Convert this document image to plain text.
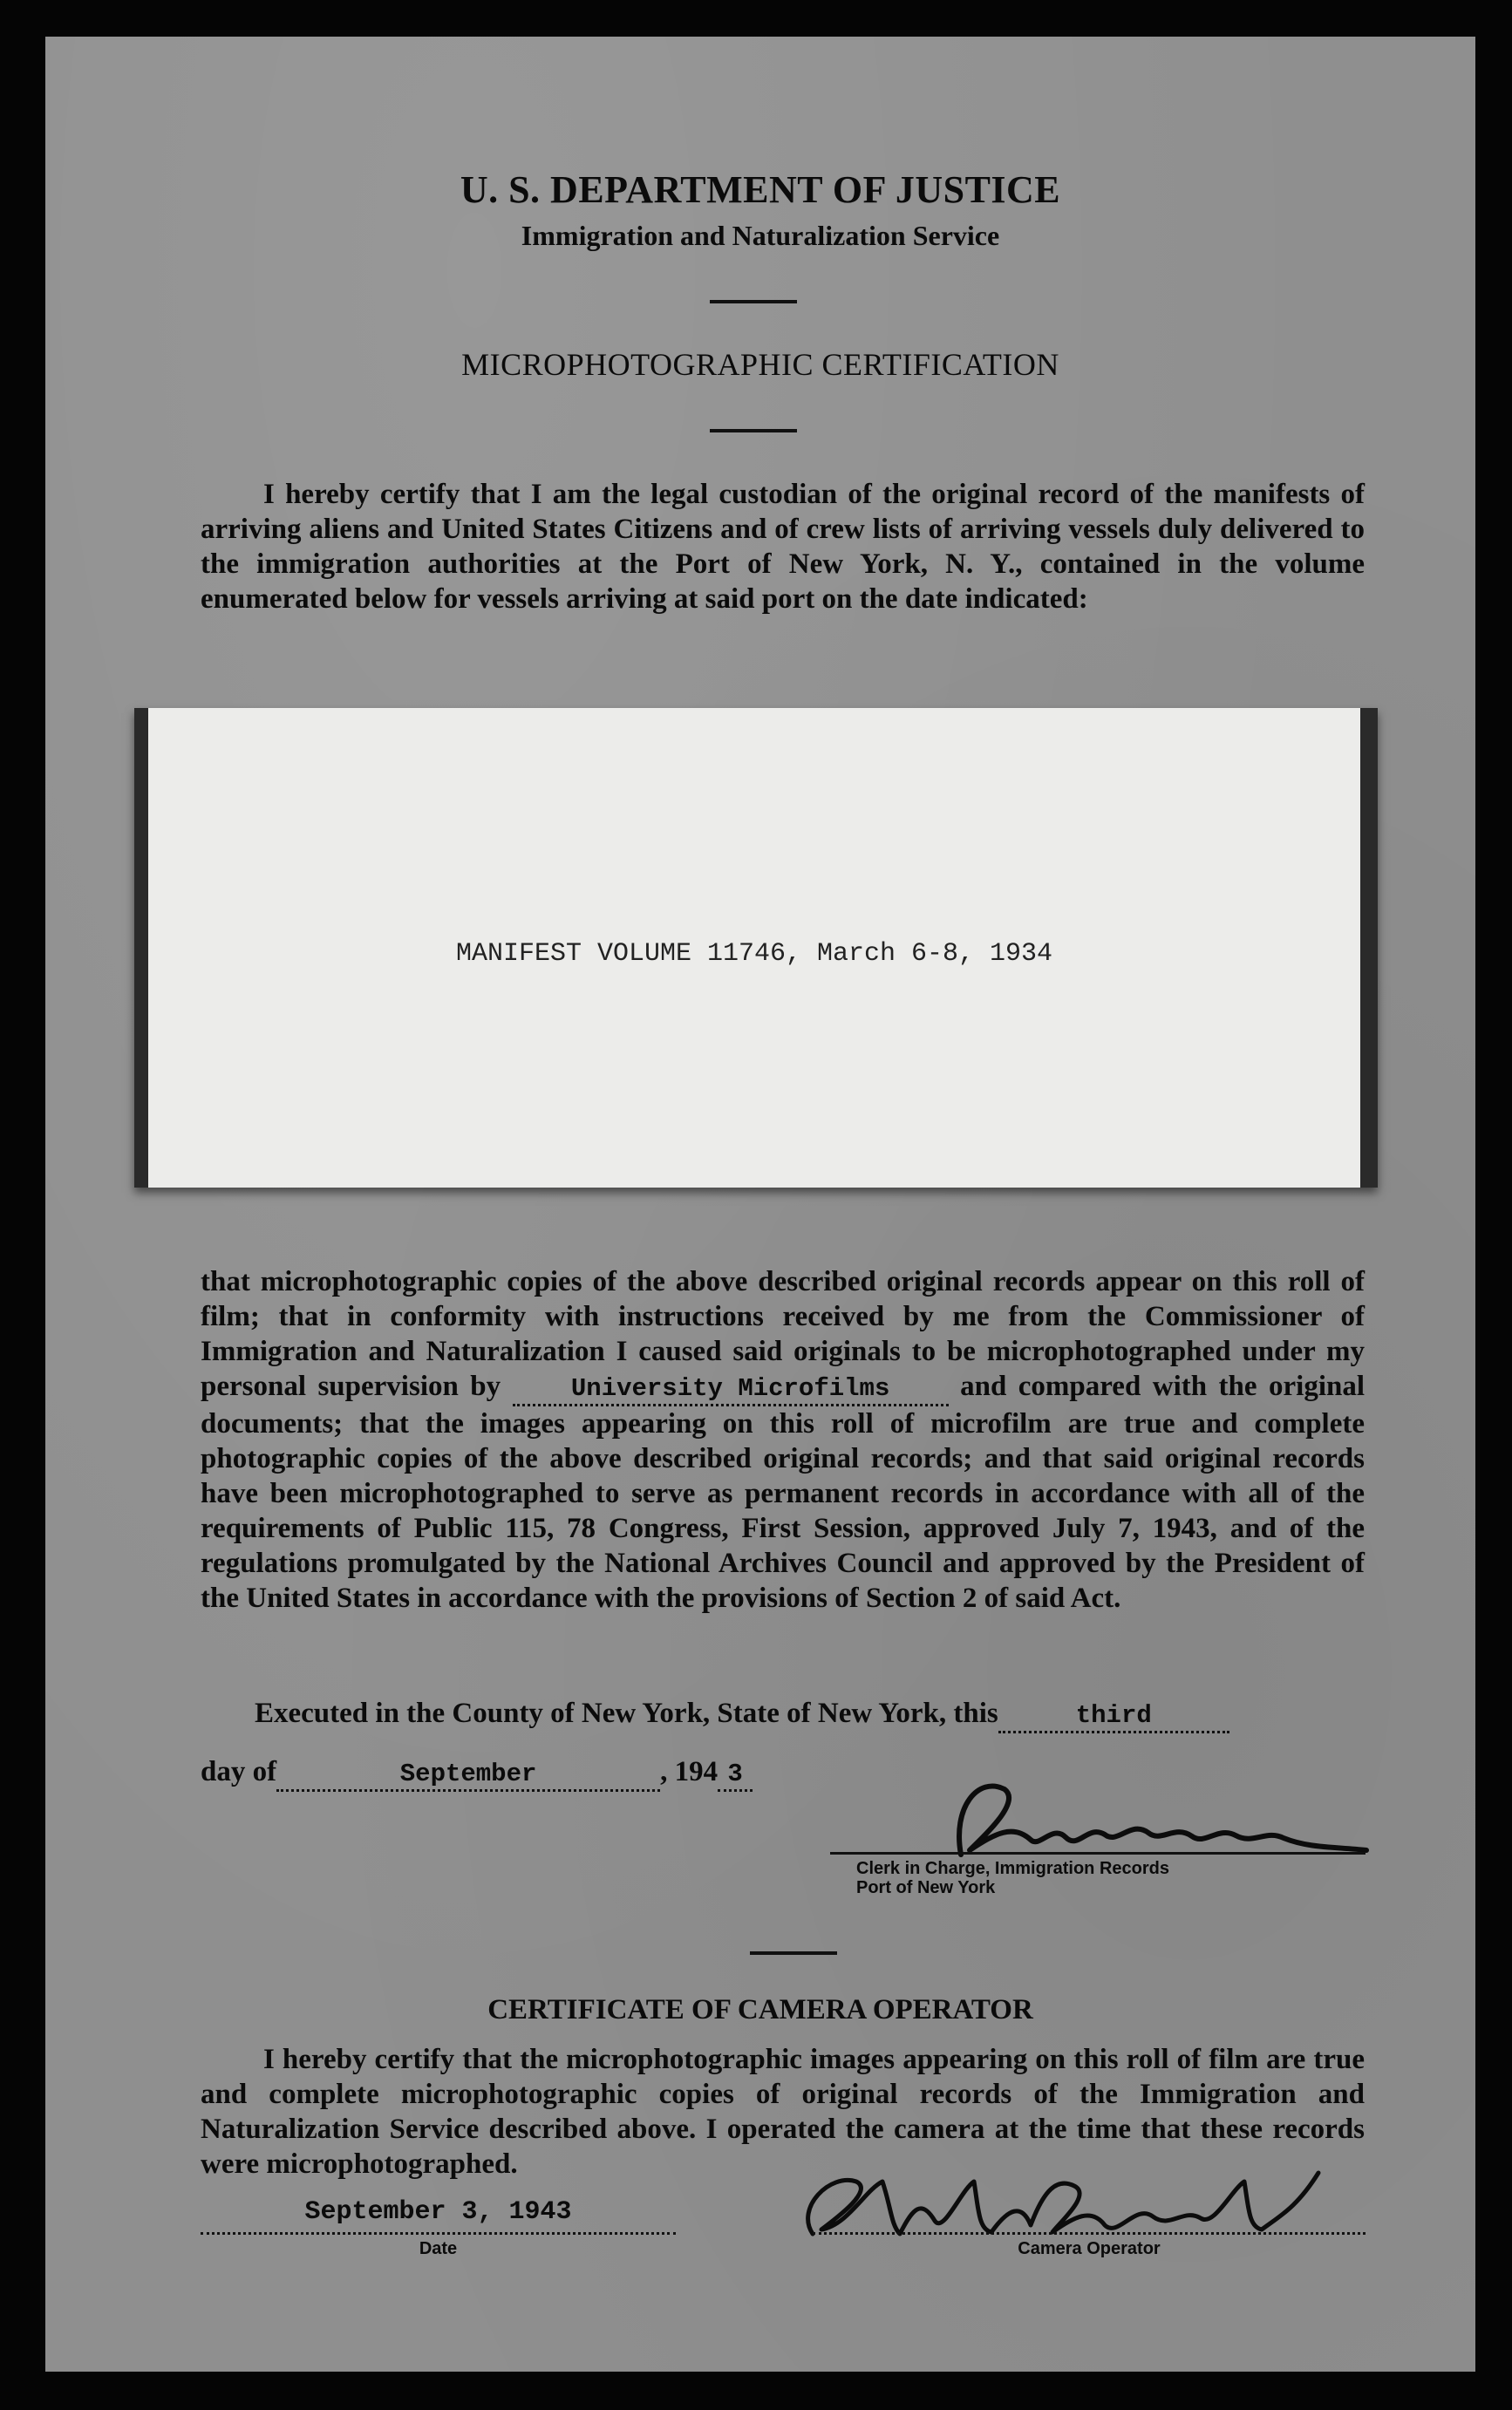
U. S. DEPARTMENT OF JUSTICE
Immigration and Naturalization Service
MICROPHOTOGRAPHIC CERTIFICATION
I hereby certify that I am the legal custodian of the original record of the manifests of arriving aliens and United States Citizens and of crew lists of arriving vessels duly delivered to the immigration authorities at the Port of New York, N. Y., contained in the volume enumerated below for vessels arriving at said port on the date indicated:
MANIFEST VOLUME 11746, March 6-8, 1934
that microphotographic copies of the above described original records appear on this roll of film; that in conformity with instructions received by me from the Commissioner of Immigration and Naturalization I caused said originals to be microphotographed under my personal supervision by	University Microfilms and compared with the original documents; that the images appearing on this roll of microfilm are true and complete photographic copies of the above described original records; and that said original records have been microphotographed to serve as permanent records in accordance with all of the requirements of Public 115, 78 Congress, First Session, approved July 7, 1943, and of the regulations promulgated by the National Archives Council and approved by the President of the United States in accordance with the provisions of Section 2 of said Act.
Executed in the County of New York, State of New York, this	third
day of	September	, 194 3
Clerk in Charge, Immigration Records
Port of New York
CERTIFICATE OF CAMERA OPERATOR
I hereby certify that the microphotographic images appearing on this roll of film are true and complete microphotographic copies of original records of the Immigration and Naturalization Service described above. I operated the camera at the time that these records were microphotographed.
September 3, 1943
Date	Camera Operator
